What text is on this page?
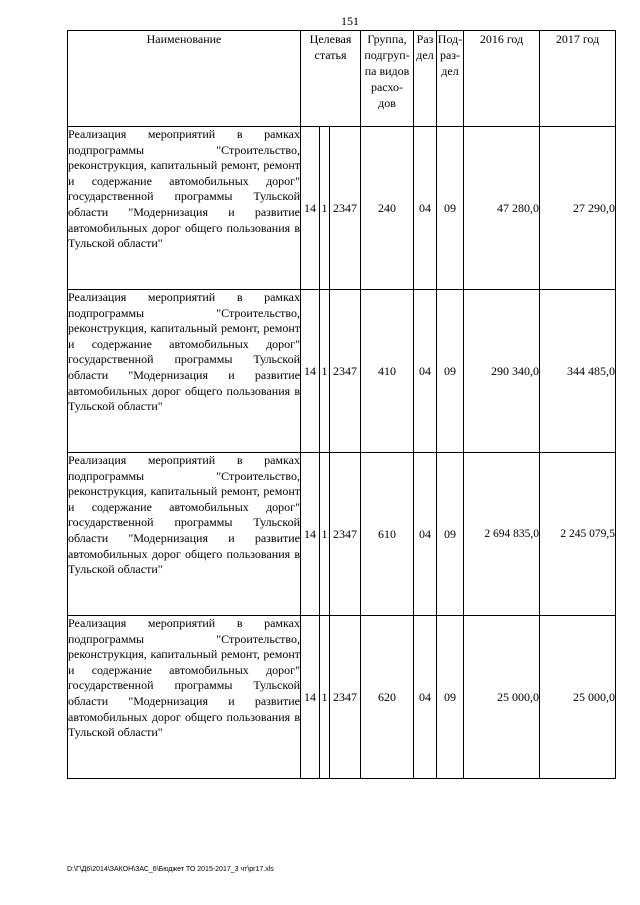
151
Наименование	Целевая статья			Группа, подгруп- па видов расхо- дов	Раз дел	Под- раз- дел	2016 год	2017 год
Реализация мероприятий в рамках подпрограммы "Строительство, реконструкция, капитальный ремонт, ремонт и содержание автомобильных дорог" государственной программы Тульской области "Модернизация и развитие автомобильных дорог общего пользования в Тульской области"	14	1	2347	240	04	09	47 280,0	27 290,0
Реализация мероприятий в рамках подпрограммы "Строительство, реконструкция, капитальный ремонт, ремонт и содержание автомобильных дорог" государственной программы Тульской области "Модернизация и развитие автомобильных дорог общего пользования в Тульской области"	14	1	2347	410	04	09	290 340,0	344 485,0
Реализация мероприятий в рамках подпрограммы "Строительство, реконструкция, капитальный ремонт, ремонт и содержание автомобильных дорог" государственной программы Тульской области "Модернизация и развитие автомобильных дорог общего пользования в Тульской области"	14	1	2347	610	04	09	2 694 835,0	2 245 079,5
Реализация мероприятий в рамках подпрограммы "Строительство, реконструкция, капитальный ремонт, ремонт и содержание автомобильных дорог" государственной программы Тульской области "Модернизация и развитие автомобильных дорог общего пользования в Тульской области"	14	1	2347	620	04	09	25 000,0	25 000,0
D:\Г\Д6\2014\ЗАКОН\ЗАС_6\Бюджет ТО 2015-2017_3 чт\pr17.xls
